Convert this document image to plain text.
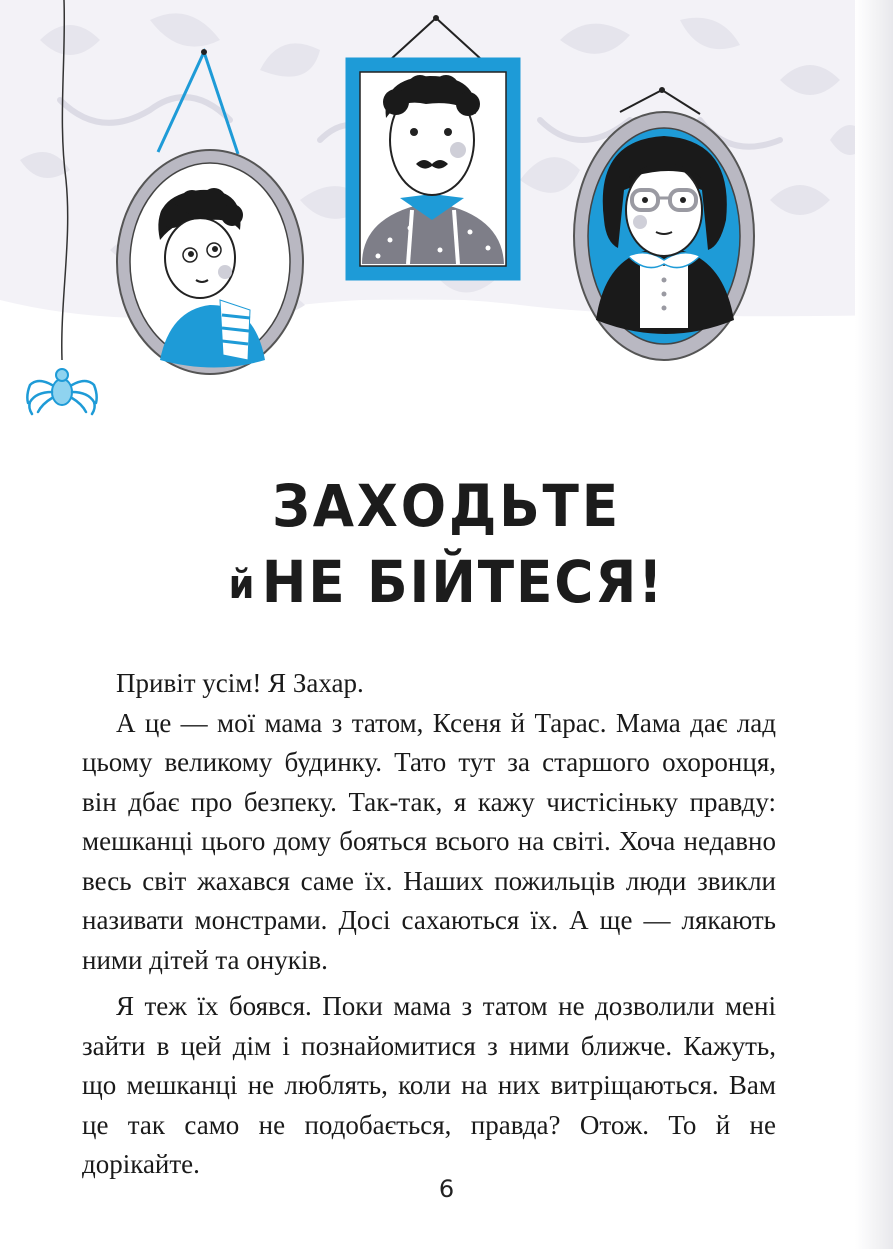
ЗАХОДЬТЕ
йНЕ БІЙТЕСЯ!

Привіт усім! Я Захар.

А це — мої мама з татом, Ксеня й Тарас. Мама дає лад цьому великому будинку. Тато тут за старшого охоронця, він дбає про безпеку. Так-так, я кажу чистісіньку правду: мешканці цього дому бояться всього на світі. Хоча недавно весь світ жахався саме їх. Наших пожильців люди звикли називати монстрами. Досі сахаються їх. А ще — лякають ними дітей та онуків.

Я теж їх боявся. Поки мама з татом не дозволили мені зайти в цей дім і познайомитися з ними ближче. Кажуть, що мешканці не люблять, коли на них витріщаються. Вам це так само не подобається, правда? Отож. То й не дорікайте.

6
